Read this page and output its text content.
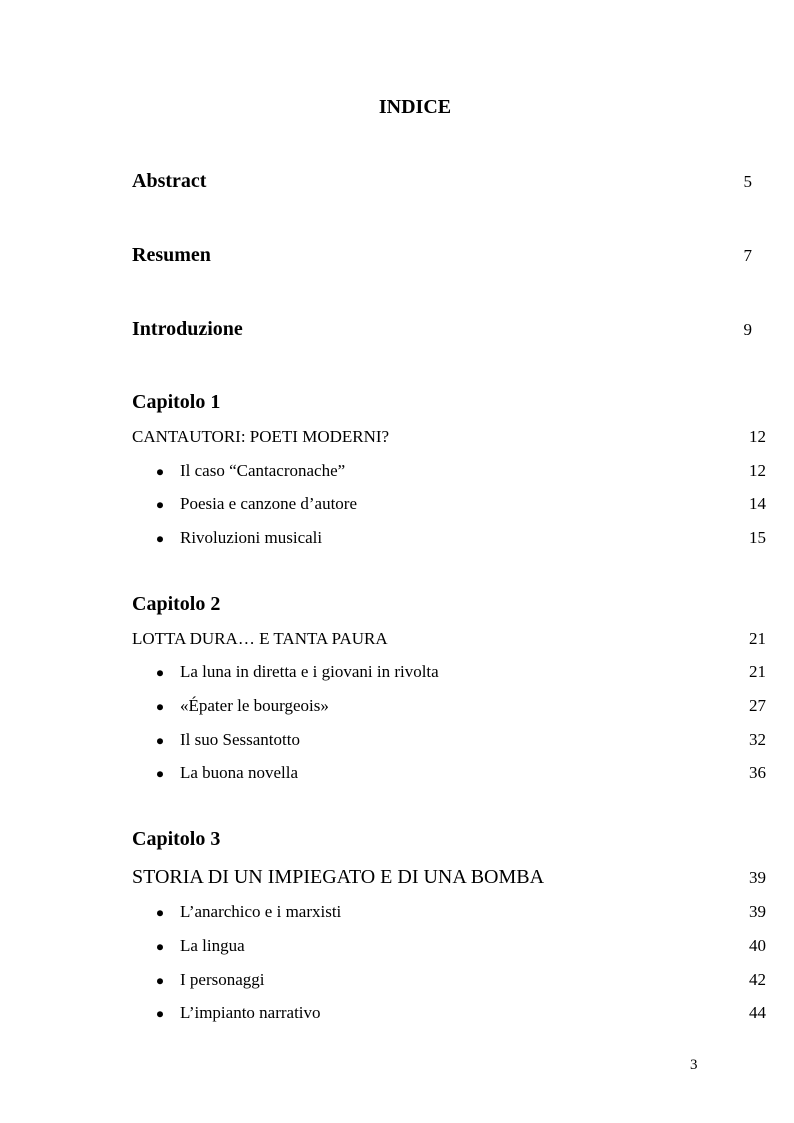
INDICE
Abstract	5
Resumen	7
Introduzione	9
Capitolo 1
CANTAUTORI: POETI MODERNI?	12
Il caso “Cantacronache”	12
Poesia e canzone d’autore	14
Rivoluzioni musicali	15
Capitolo 2
LOTTA DURA… E TANTA PAURA	21
La luna in diretta e i giovani in rivolta	21
«Épater le bourgeois»	27
Il suo Sessantotto	32
La buona novella	36
Capitolo 3
STORIA DI UN IMPIEGATO E DI UNA BOMBA	39
L’anarchico e i marxisti	39
La lingua	40
I personaggi	42
L’impianto narrativo	44
3
